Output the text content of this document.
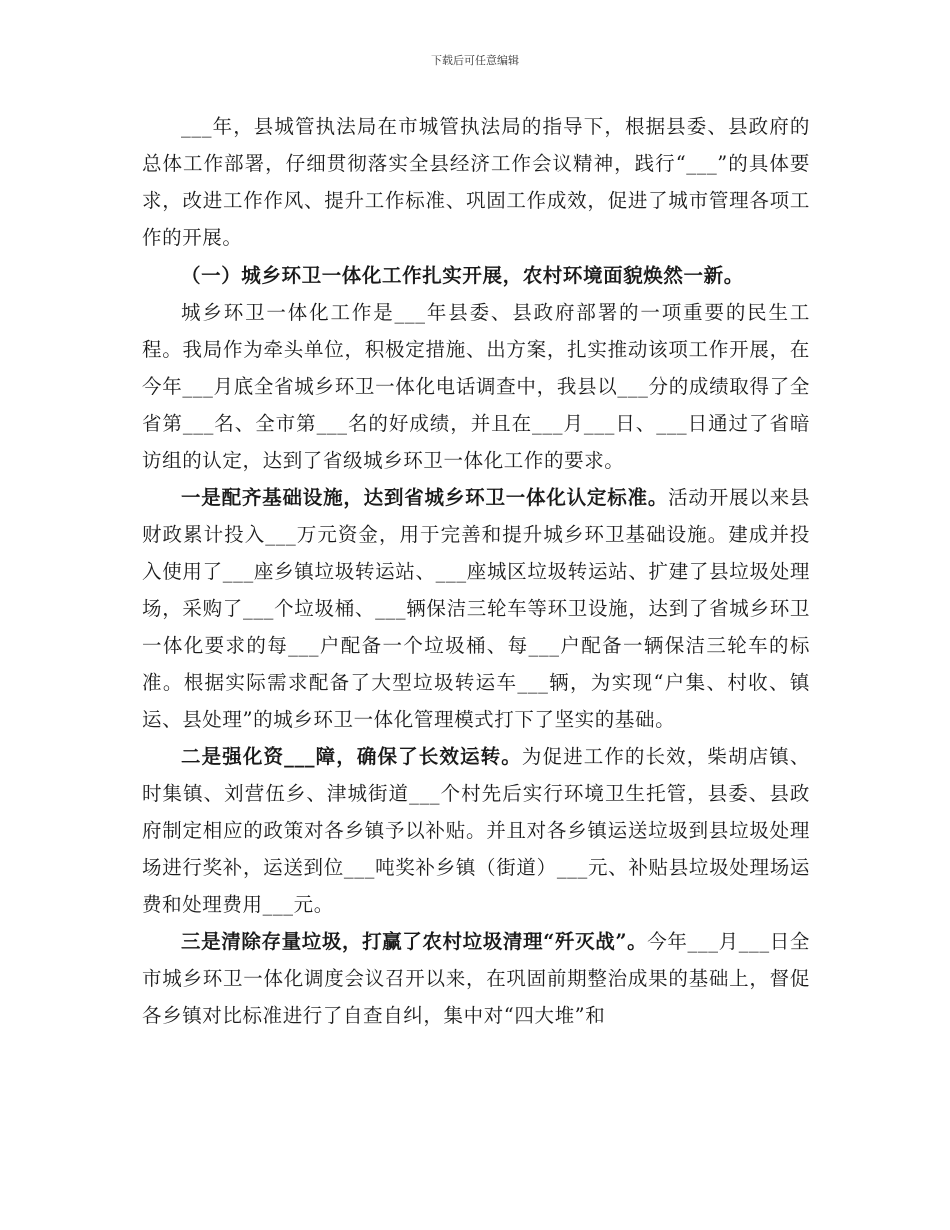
下载后可任意编辑

___年，县城管执法局在市城管执法局的指导下，根据县委、县政府的总体工作部署，仔细贯彻落实全县经济工作会议精神，践行“___”的具体要求，改进工作作风、提升工作标准、巩固工作成效，促进了城市管理各项工作的开展。

（一）城乡环卫一体化工作扎实开展，农村环境面貌焕然一新。

城乡环卫一体化工作是___年县委、县政府部署的一项重要的民生工程。我局作为牵头单位，积极定措施、出方案，扎实推动该项工作开展，在今年___月底全省城乡环卫一体化电话调查中，我县以___分的成绩取得了全省第___名、全市第___名的好成绩，并且在___月___日、___日通过了省暗访组的认定，达到了省级城乡环卫一体化工作的要求。

一是配齐基础设施，达到省城乡环卫一体化认定标准。活动开展以来县财政累计投入___万元资金，用于完善和提升城乡环卫基础设施。建成并投入使用了___座乡镇垃圾转运站、___座城区垃圾转运站、扩建了县垃圾处理场，采购了___个垃圾桶、___辆保洁三轮车等环卫设施，达到了省城乡环卫一体化要求的每___户配备一个垃圾桶、每___户配备一辆保洁三轮车的标准。根据实际需求配备了大型垃圾转运车___辆，为实现“户集、村收、镇运、县处理”的城乡环卫一体化管理模式打下了坚实的基础。

二是强化资___障，确保了长效运转。为促进工作的长效，柴胡店镇、时集镇、刘营伍乡、津城街道___个村先后实行环境卫生托管，县委、县政府制定相应的政策对各乡镇予以补贴。并且对各乡镇运送垃圾到县垃圾处理场进行奖补，运送到位___吨奖补乡镇（街道）___元、补贴县垃圾处理场运费和处理费用___元。

三是清除存量垃圾，打赢了农村垃圾清理“歼灭战”。今年___月___日全市城乡环卫一体化调度会议召开以来，在巩固前期整治成果的基础上，督促各乡镇对比标准进行了自查自纠，集中对“四大堆”和
